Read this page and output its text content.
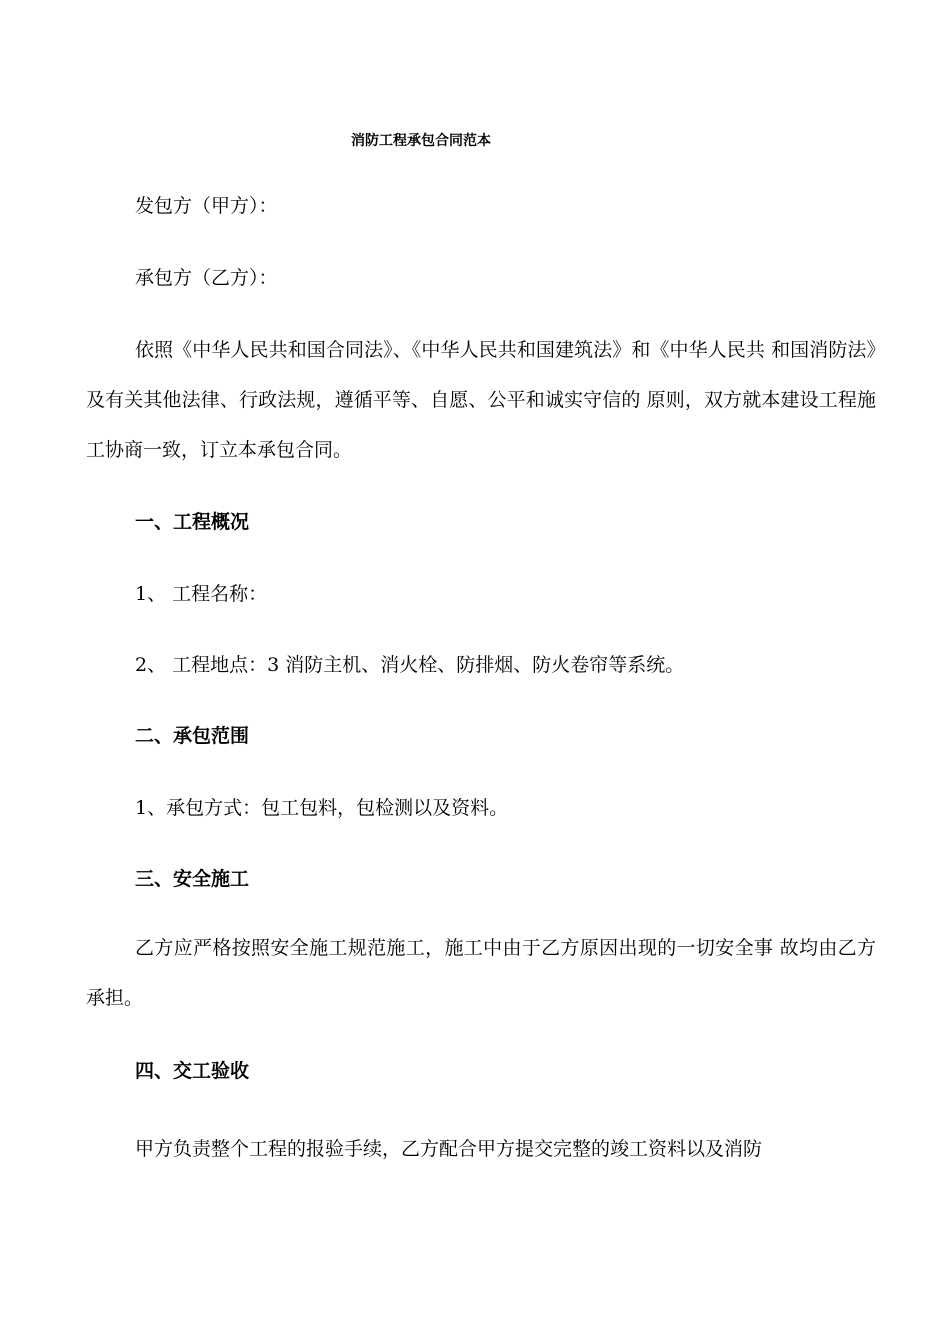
消防工程承包合同范本
发包方（甲方）：
承包方（乙方）：
依照《中华人民共和国合同法》、《中华人民共和国建筑法》和《中华人民共 和国消防法》及有关其他法律、行政法规，遵循平等、自愿、公平和诚实守信的 原则，双方就本建设工程施工协商一致，订立本承包合同。
一、工程概况
1、 工程名称：
2、 工程地点：3 消防主机、消火栓、防排烟、防火卷帘等系统。
二、承包范围
1、承包方式：包工包料，包检测以及资料。
三、安全施工
乙方应严格按照安全施工规范施工，施工中由于乙方原因出现的一切安全事 故均由乙方承担。
四、交工验收
甲方负责整个工程的报验手续，乙方配合甲方提交完整的竣工资料以及消防
